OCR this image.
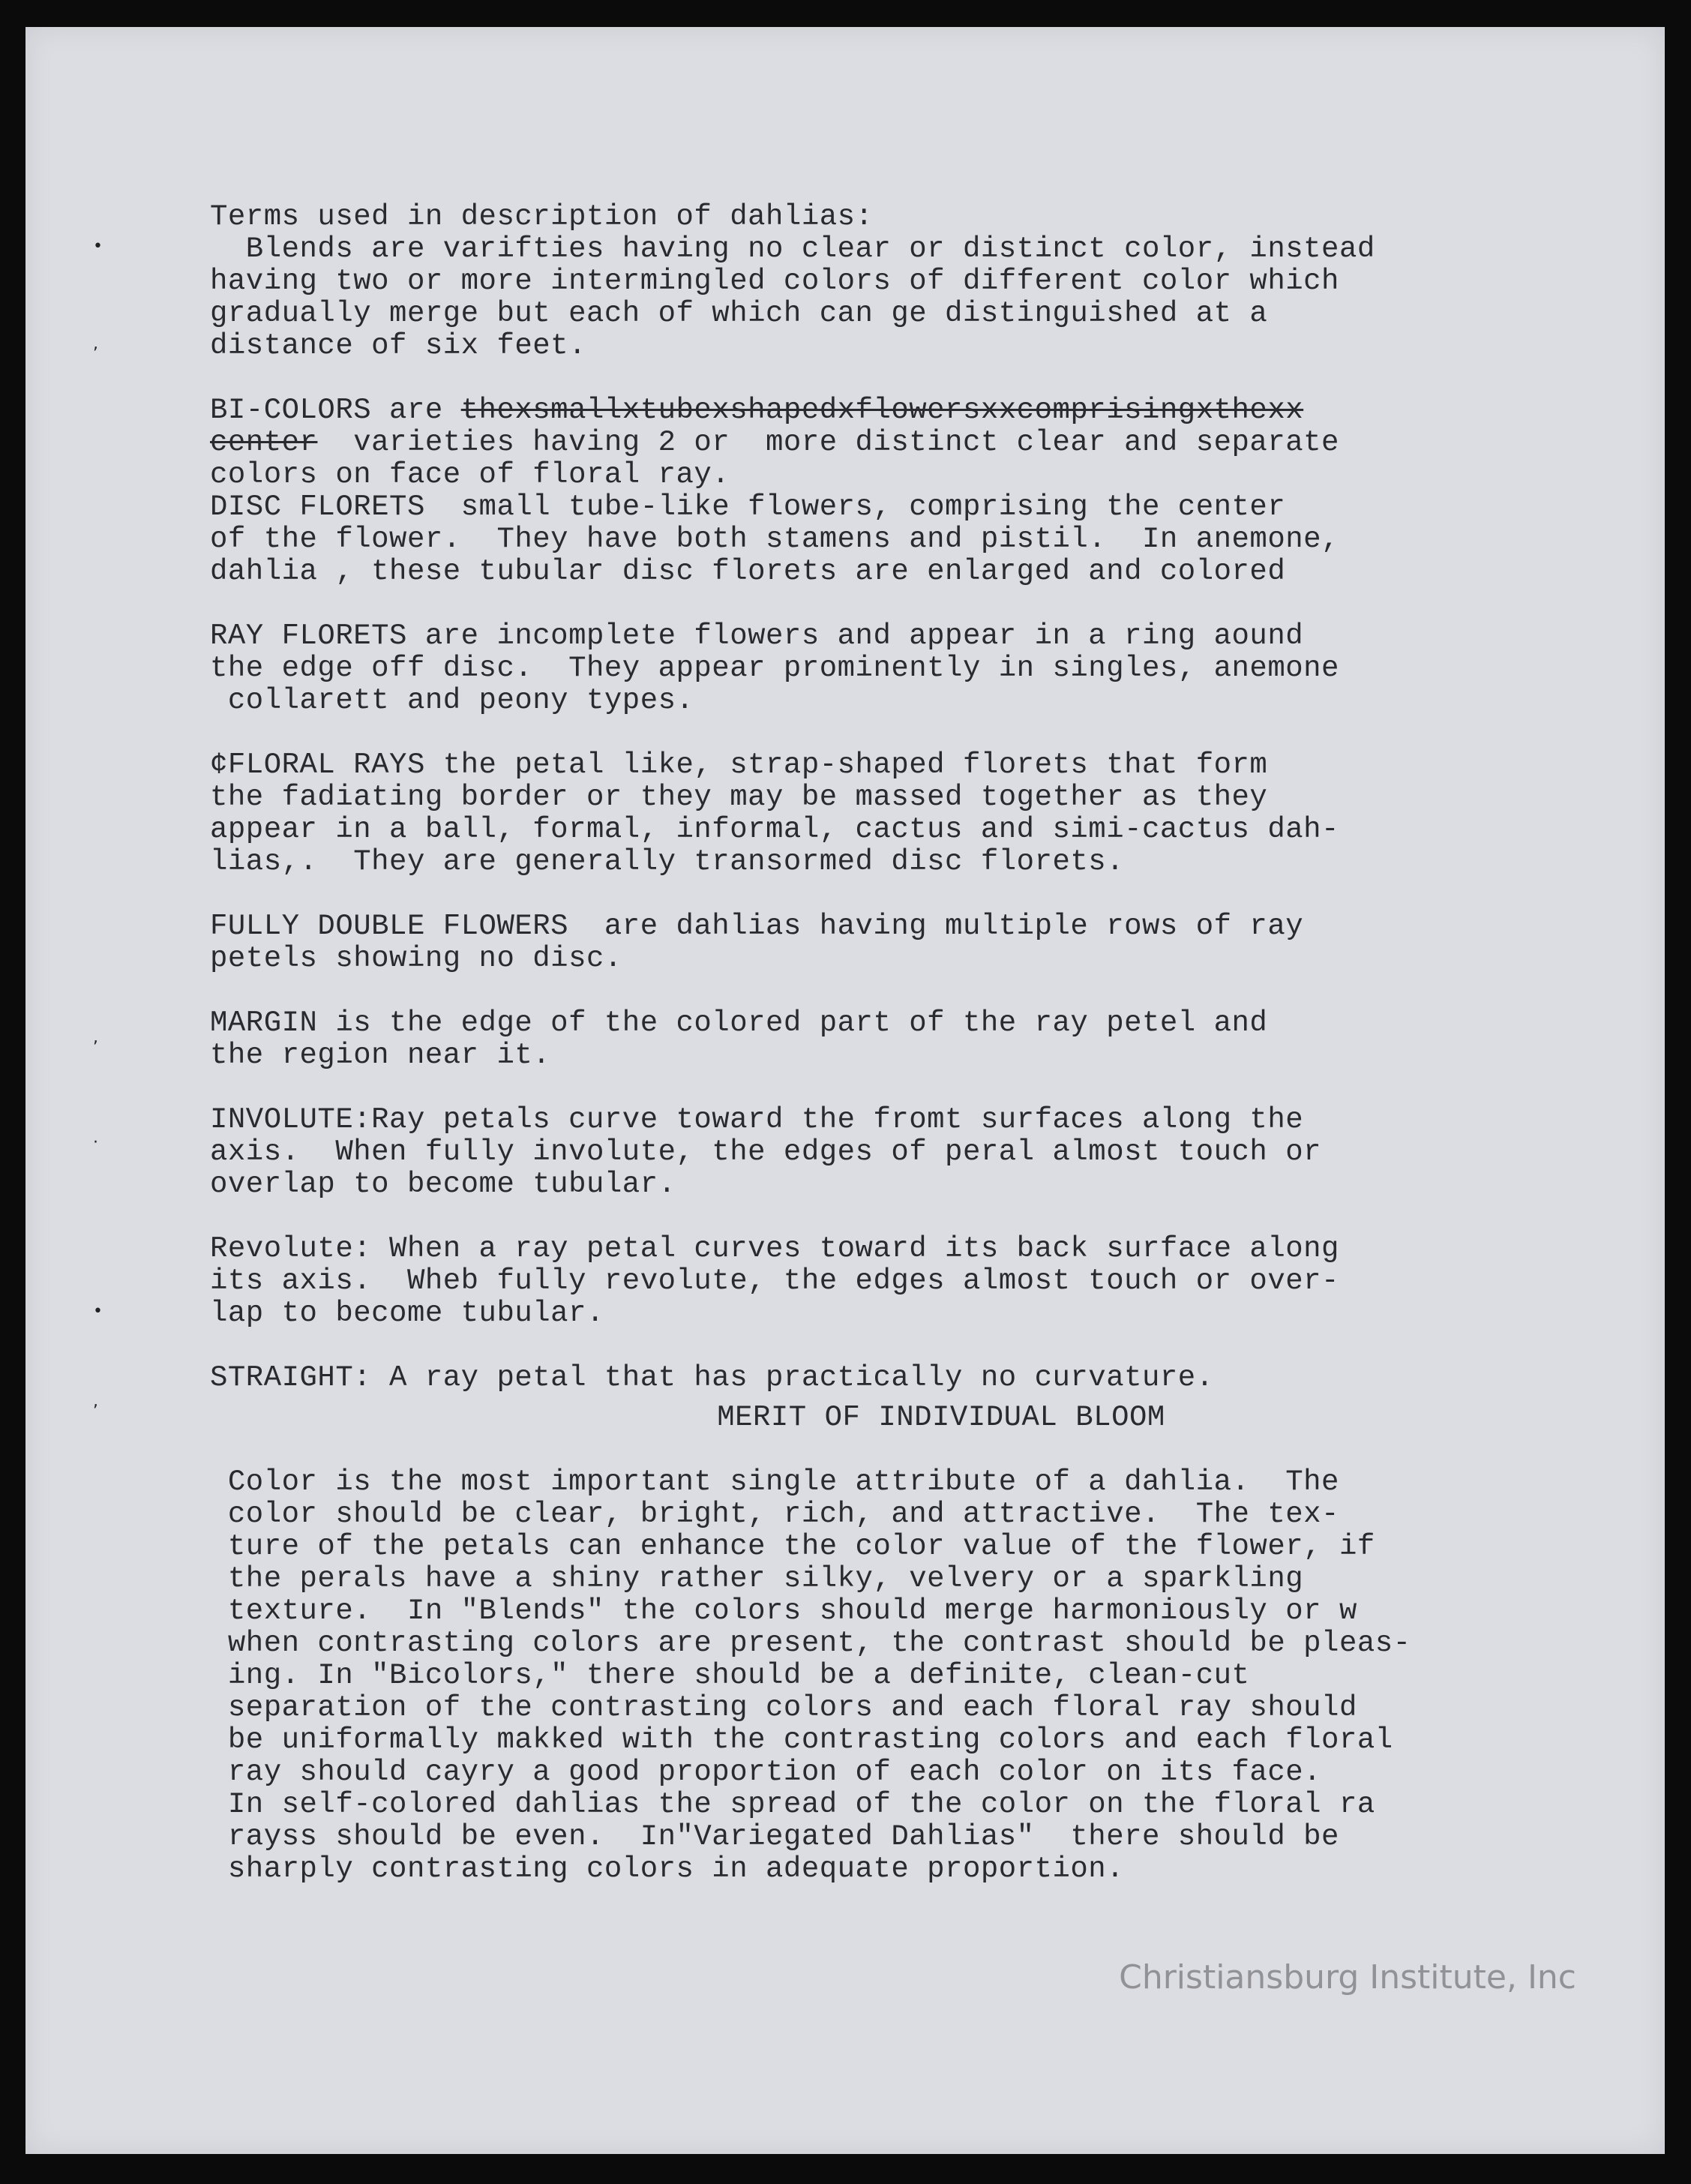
•
,
,
·
•
,
Terms used in description of dahlias:
Blends are varifties having no clear or distinct color, instead
having two or more intermingled colors of different color which
gradually merge but each of which can ge distinguished at a
distance of six feet.
BI-COLORS are thexsmallxtubexshapedxflowersxxcomprisingxthexx
center  varieties having 2 or  more distinct clear and separate
colors on face of floral ray.
DISC FLORETS  small tube-like flowers, comprising the center
of the flower.  They have both stamens and pistil.  In anemone,
dahlia , these tubular disc florets are enlarged and colored
RAY FLORETS are incomplete flowers and appear in a ring aound
the edge off disc.  They appear prominently in singles, anemone
collarett and peony types.
¢FLORAL RAYS the petal like, strap-shaped florets that form
the fadiating border or they may be massed together as they
appear in a ball, formal, informal, cactus and simi-cactus dah-
lias,.  They are generally transormed disc florets.
FULLY DOUBLE FLOWERS  are dahlias having multiple rows of ray
petels showing no disc.
MARGIN is the edge of the colored part of the ray petel and
the region near it.
INVOLUTE:Ray petals curve toward the fromt surfaces along the
axis.  When fully involute, the edges of peral almost touch or
overlap to become tubular.
Revolute: When a ray petal curves toward its back surface along
its axis.  Wheb fully revolute, the edges almost touch or over-
lap to become tubular.
STRAIGHT: A ray petal that has practically no curvature.
MERIT OF INDIVIDUAL BLOOM
Color is the most important single attribute of a dahlia.  The
color should be clear, bright, rich, and attractive.  The tex-
ture of the petals can enhance the color value of the flower, if
the perals have a shiny rather silky, velvery or a sparkling
texture.  In "Blends" the colors should merge harmoniously or w
when contrasting colors are present, the contrast should be pleas-
ing. In "Bicolors," there should be a definite, clean-cut
separation of the contrasting colors and each floral ray should
be uniformally makked with the contrasting colors and each floral
ray should cayry a good proportion of each color on its face.
In self-colored dahlias the spread of the color on the floral ra
rayss should be even.  In"Variegated Dahlias"  there should be
sharply contrasting colors in adequate proportion.
Christiansburg Institute, Inc
